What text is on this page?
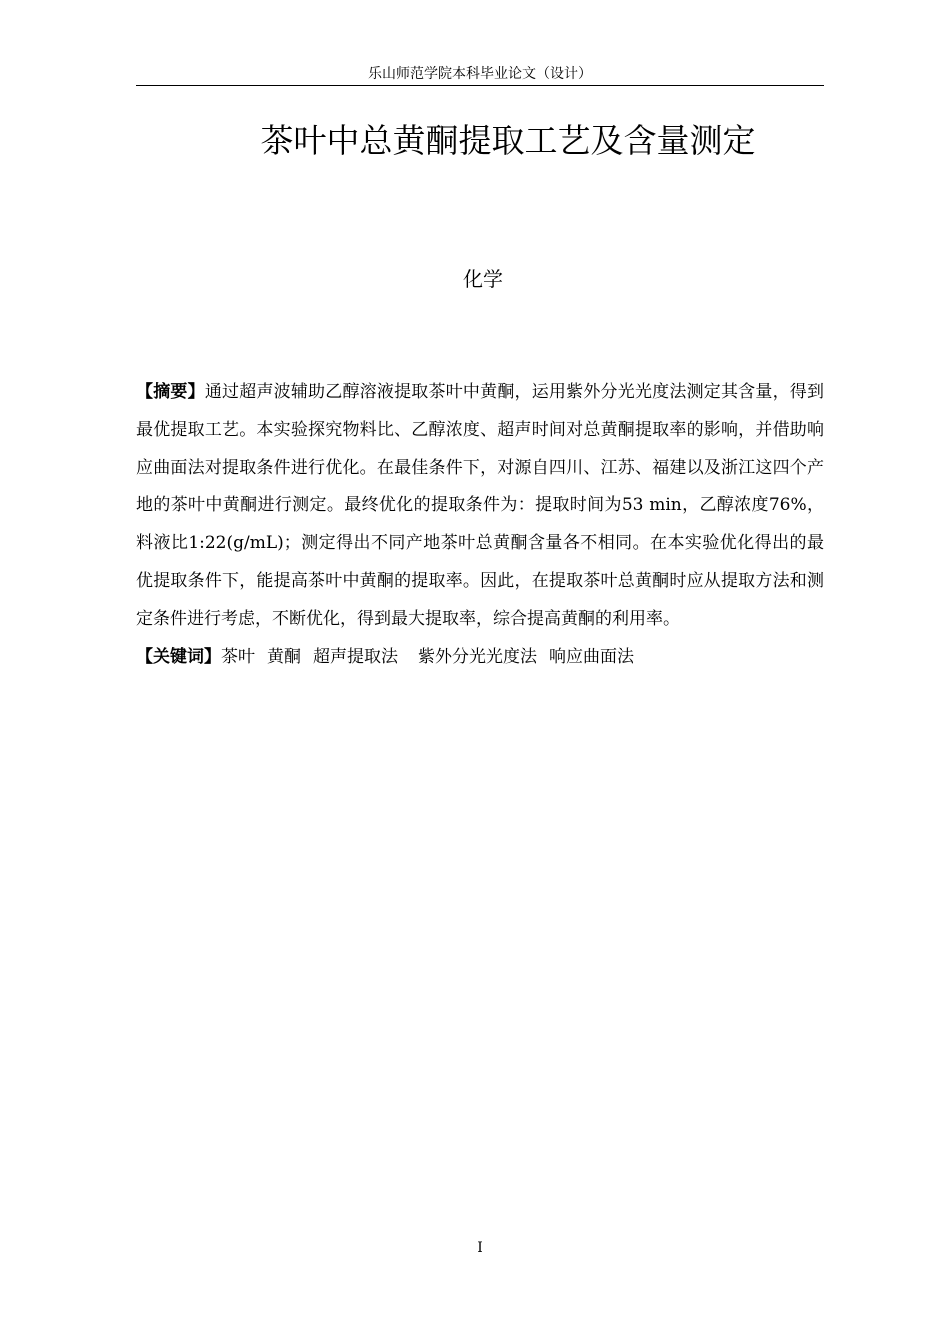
乐山师范学院本科毕业论文（设计）
茶叶中总黄酮提取工艺及含量测定
化学

【摘要】通过超声波辅助乙醇溶液提取茶叶中黄酮，运用紫外分光光度法测定其含量，得到最优提取工艺。本实验探究物料比、乙醇浓度、超声时间对总黄酮提取率的影响，并借助响应曲面法对提取条件进行优化。在最佳条件下，对源自四川、江苏、福建以及浙江这四个产地的茶叶中黄酮进行测定。最终优化的提取条件为：提取时间为53 min，乙醇浓度76%，料液比1:22(g/mL)；测定得出不同产地茶叶总黄酮含量各不相同。在本实验优化得出的最优提取条件下，能提高茶叶中黄酮的提取率。因此，在提取茶叶总黄酮时应从提取方法和测定条件进行考虑，不断优化，得到最大提取率，综合提高黄酮的利用率。

【关键词】茶叶 黄酮 超声提取法 紫外分光光度法 响应曲面法

I
